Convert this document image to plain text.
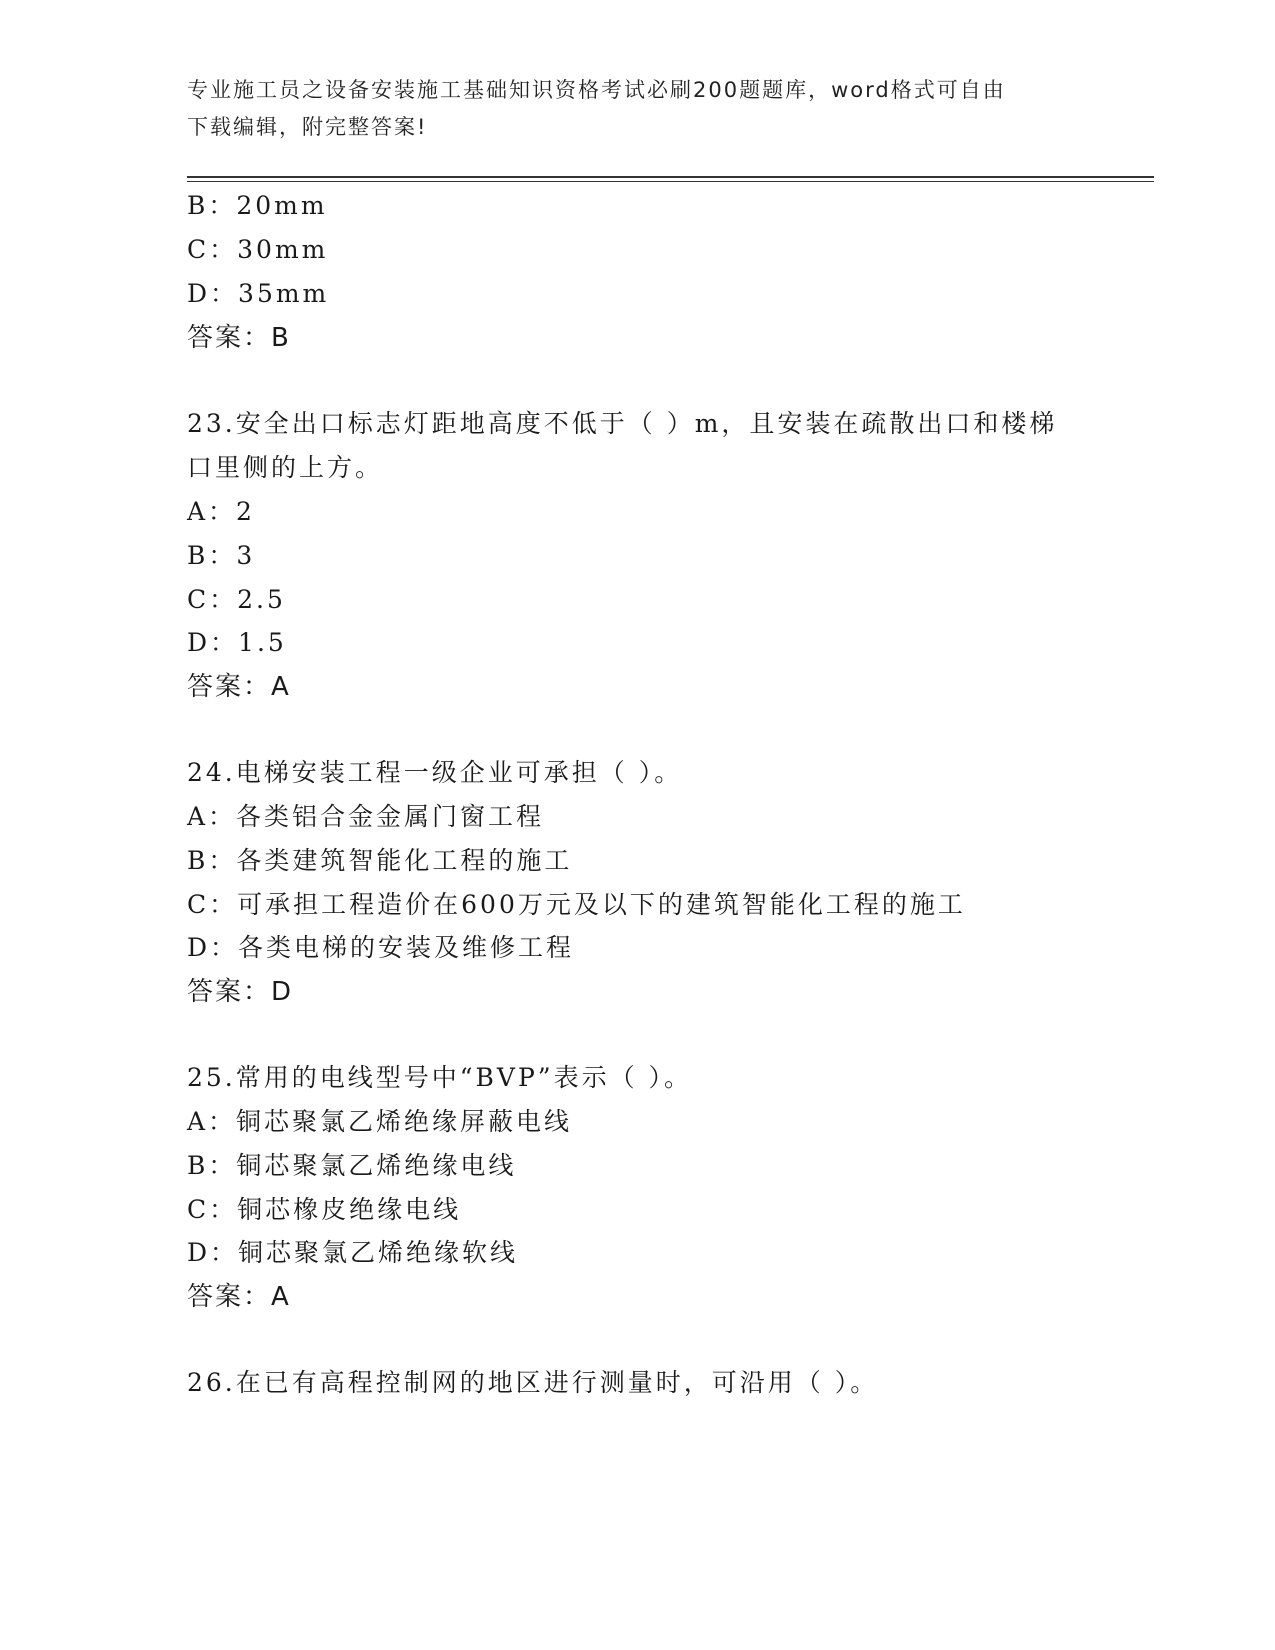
专业施工员之设备安装施工基础知识资格考试必刷200题题库，word格式可自由
下载编辑，附完整答案!
B：20mm
C：30mm
D：35mm
答案：B
23.安全出口标志灯距地高度不低于（ ）m，且安装在疏散出口和楼梯
口里侧的上方。
A：2
B：3
C：2.5
D：1.5
答案：A
24.电梯安装工程一级企业可承担（ ）。
A：各类铝合金金属门窗工程
B：各类建筑智能化工程的施工
C：可承担工程造价在600万元及以下的建筑智能化工程的施工
D：各类电梯的安装及维修工程
答案：D
25.常用的电线型号中“BVP”表示（ ）。
A：铜芯聚氯乙烯绝缘屏蔽电线
B：铜芯聚氯乙烯绝缘电线
C：铜芯橡皮绝缘电线
D：铜芯聚氯乙烯绝缘软线
答案：A
26.在已有高程控制网的地区进行测量时，可沿用（ ）。
